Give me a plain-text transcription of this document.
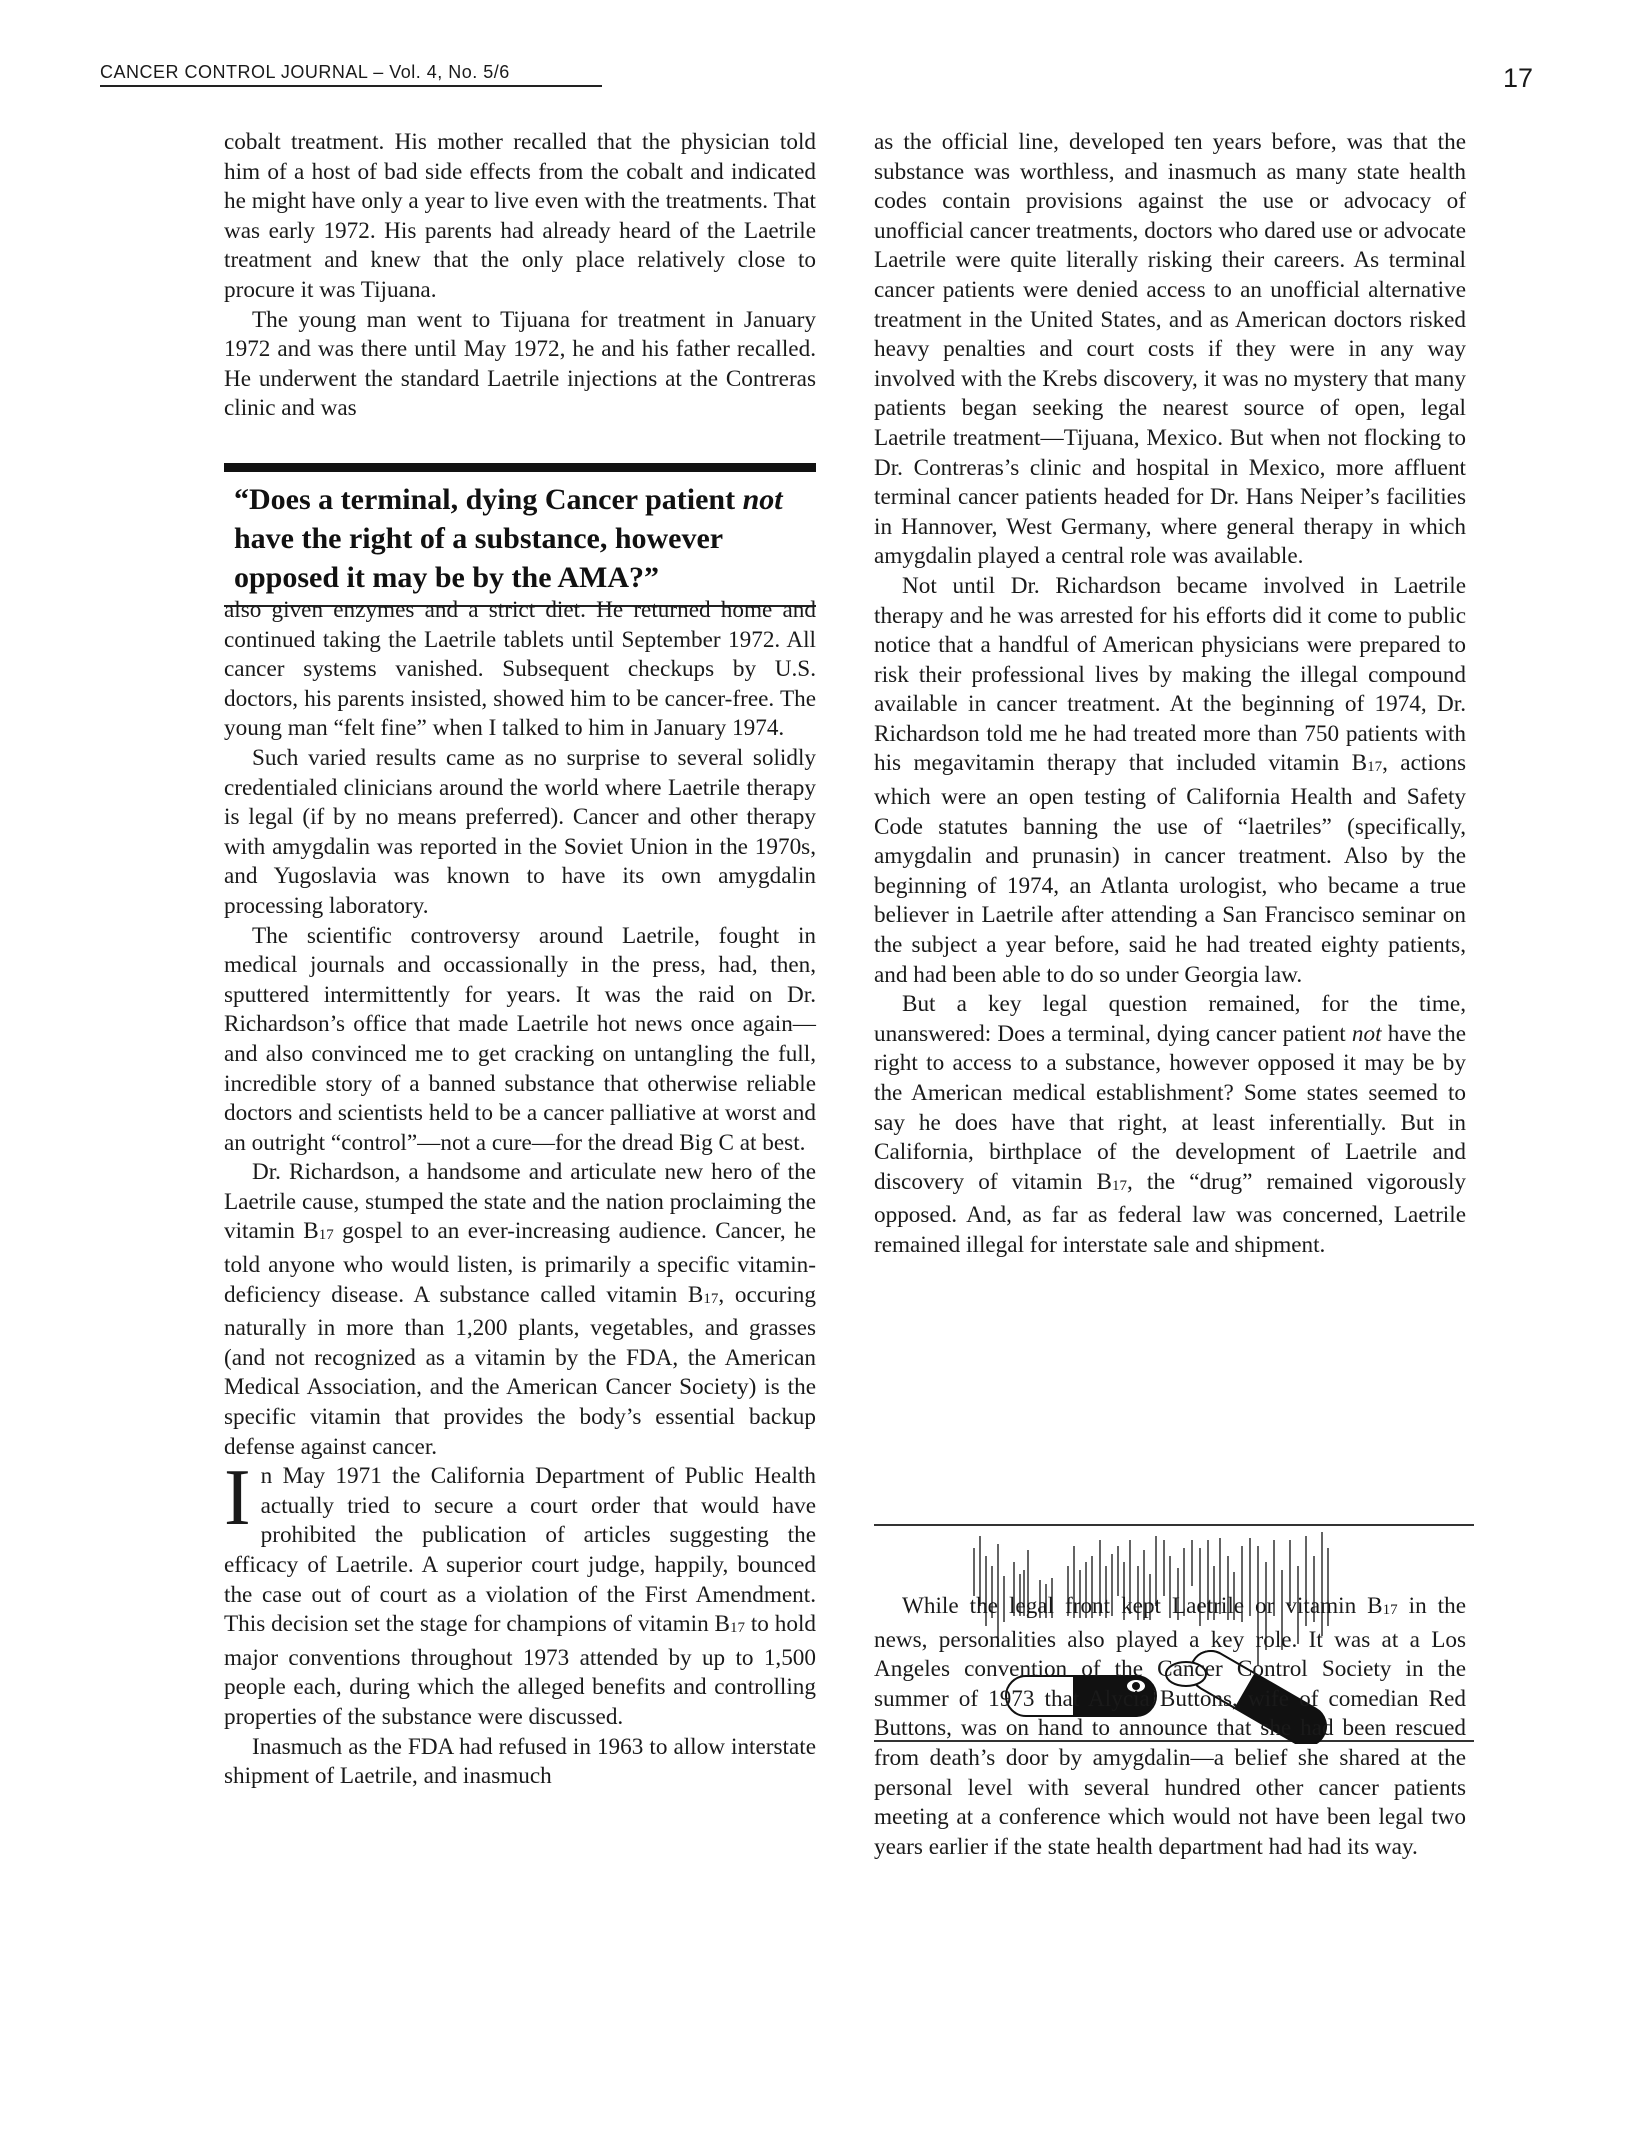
CANCER CONTROL JOURNAL – Vol. 4, No. 5/6	17

cobalt treatment. His mother recalled that the physician told him of a host of bad side effects from the cobalt and indicated he might have only a year to live even with the treatments. That was early 1972. His parents had already heard of the Laetrile treatment and knew that the only place relatively close to procure it was Tijuana.

The young man went to Tijuana for treatment in January 1972 and was there until May 1972, he and his father recalled. He underwent the standard Laetrile injections at the Contreras clinic and was

“Does a terminal, dying Cancer patient not have the right of a substance, however opposed it may be by the AMA?”

also given enzymes and a strict diet. He returned home and continued taking the Laetrile tablets until September 1972. All cancer systems vanished. Subsequent checkups by U.S. doctors, his parents insisted, showed him to be cancer-free. The young man “felt fine” when I talked to him in January 1974.

Such varied results came as no surprise to several solidly credentialed clinicians around the world where Laetrile therapy is legal (if by no means preferred). Cancer and other therapy with amygdalin was reported in the Soviet Union in the 1970s, and Yugoslavia was known to have its own amygdalin processing laboratory.

The scientific controversy around Laetrile, fought in medical journals and occassionally in the press, had, then, sputtered intermittently for years. It was the raid on Dr. Richardson’s office that made Laetrile hot news once again—and also convinced me to get cracking on untangling the full, incredible story of a banned substance that otherwise reliable doctors and scientists held to be a cancer palliative at worst and an outright “control”—not a cure—for the dread Big C at best.

Dr. Richardson, a handsome and articulate new hero of the Laetrile cause, stumped the state and the nation proclaiming the vitamin $B_{17}$ gospel to an ever-increasing audience. Cancer, he told anyone who would listen, is primarily a specific vitamin-deficiency disease. A substance called vitamin $B_{17}$, occuring naturally in more than 1,200 plants, vegetables, and grasses (and not recognized as a vitamin by the FDA, the American Medical Association, and the American Cancer Society) is the specific vitamin that provides the body’s essential backup defense against cancer.

In May 1971 the California Department of Public Health actually tried to secure a court order that would have prohibited the publication of articles suggesting the efficacy of Laetrile. A superior court judge, happily, bounced the case out of court as a violation of the First Amendment. This decision set the stage for champions of vitamin $B_{17}$ to hold major conventions throughout 1973 attended by up to 1,500 people each, during which the alleged benefits and controlling properties of the substance were discussed.

Inasmuch as the FDA had refused in 1963 to allow interstate shipment of Laetrile, and inasmuch

as the official line, developed ten years before, was that the substance was worthless, and inasmuch as many state health codes contain provisions against the use or advocacy of unofficial cancer treatments, doctors who dared use or advocate Laetrile were quite literally risking their careers. As terminal cancer patients were denied access to an unofficial alternative treatment in the United States, and as American doctors risked heavy penalties and court costs if they were in any way involved with the Krebs discovery, it was no mystery that many patients began seeking the nearest source of open, legal Laetrile treatment—Tijuana, Mexico. But when not flocking to Dr. Contreras’s clinic and hospital in Mexico, more affluent terminal cancer patients headed for Dr. Hans Neiper’s facilities in Hannover, West Germany, where general therapy in which amygdalin played a central role was available.

Not until Dr. Richardson became involved in Laetrile therapy and he was arrested for his efforts did it come to public notice that a handful of American physicians were prepared to risk their professional lives by making the illegal compound available in cancer treatment. At the beginning of 1974, Dr. Richardson told me he had treated more than 750 patients with his megavitamin therapy that included vitamin $B_{17}$, actions which were an open testing of California Health and Safety Code statutes banning the use of “laetriles” (specifically, amygdalin and prunasin) in cancer treatment. Also by the beginning of 1974, an Atlanta urologist, who became a true believer in Laetrile after attending a San Francisco seminar on the subject a year before, said he had treated eighty patients, and had been able to do so under Georgia law.

But a key legal question remained, for the time, unanswered: Does a terminal, dying cancer patient not have the right to access to a substance, however opposed it may be by the American medical establishment? Some states seemed to say he does have that right, at least inferentially. But in California, birthplace of the development of Laetrile and discovery of vitamin $B_{17}$, the “drug” remained vigorously opposed. And, as far as federal law was concerned, Laetrile remained illegal for interstate sale and shipment.

While the legal front kept Laetrile or vitamin $B_{17}$ in the news, personalities also played a key role. It was at a Los Angeles convention of the Cancer Control Society in the summer of 1973 that Alycia Buttons, wife of comedian Red Buttons, was on hand to announce that she had been rescued from death’s door by amygdalin—a belief she shared at the personal level with several hundred other cancer patients meeting at a conference which would not have been legal two years earlier if the state health department had had its way.
